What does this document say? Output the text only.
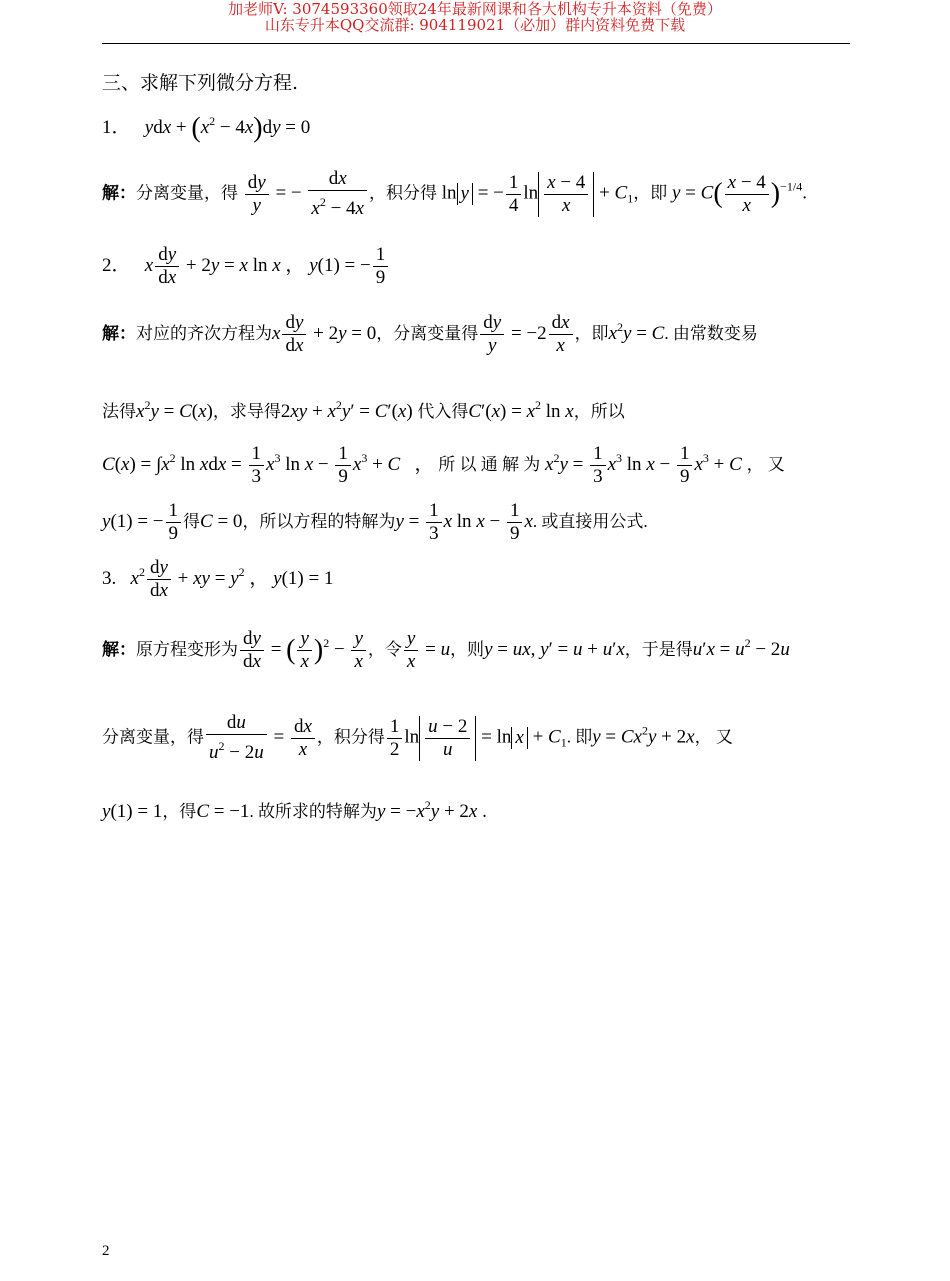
加老师V: 3074593360领取24年最新网课和各大机构专升本资料（免费）
山东专升本QQ交流群: 904119021（必加）群内资料免费下载
三、求解下列微分方程.
1． ydx + $(x^2 - 4x)dy = 0$
解：分离变量，得 $\frac{dy}{y}$ = − $\frac{dx}{x^2 - 4x}$ ，积分得 ln y = − $\frac{1}{4}$ $\ln \frac{x - 4}{x} + C_1$，即 $y = C( \frac{x - 4}{x} )^{-1/4}$.
2． x $\frac{dy}{dx} + 2y = x$ ln x ， y(1) = − $\frac{1}{9}$
解：对应的齐次方程为x $\frac{dy}{dx} + 2y = 0$，分离变量得 $\frac{dy}{y} = -2 \frac{dx}{x}$ ，即$x^2y = C$. 由常数变易
法得$x^2y = C(x)$，求导得$2xy + x^2y' = C'(x)$ 代入得$C'(x) = x^2$ ln x，所以
$C(x) = \int x^2$ ln xdx = $\frac{1}{3} x^3$ $\ln x - \frac{1}{9} x^3 + C$   ， 所 以 通 解 为 $x^2y = \frac{1}{3} x^3$ $\ln x - \frac{1}{9} x^3 + C$ ， 又
y(1) = − $\frac{1}{9}$ 得C = 0，所以方程的特解为$y = \frac{1}{3}$ x $\ln x - \frac{1}{9} x$. 或直接用公式.
3. $x^2 \frac{dy}{dx}$ + xy = $y^2$ ， y(1) = 1
解：原方程变形为 $\frac{dy}{dx}$ = ( $\frac{y}{x} )^2 - \frac{y}{x}$ ，令 $\frac{y}{x} = u$，则y = ux, y′ = u + u′x，于是得$u'x = u^2 - 2u$
分离变量，得 $\frac{du}{u^2 - 2u} = \frac{dx}{x}$ ，积分得 $\frac{1}{2}$ $\ln \frac{u - 2}{u} = \ln x + C_1$. 即$y = Cx^2y + 2x$， 又
y(1) = 1，得C = −1. 故所求的特解为$y = -x^2y + 2x$ .
2
